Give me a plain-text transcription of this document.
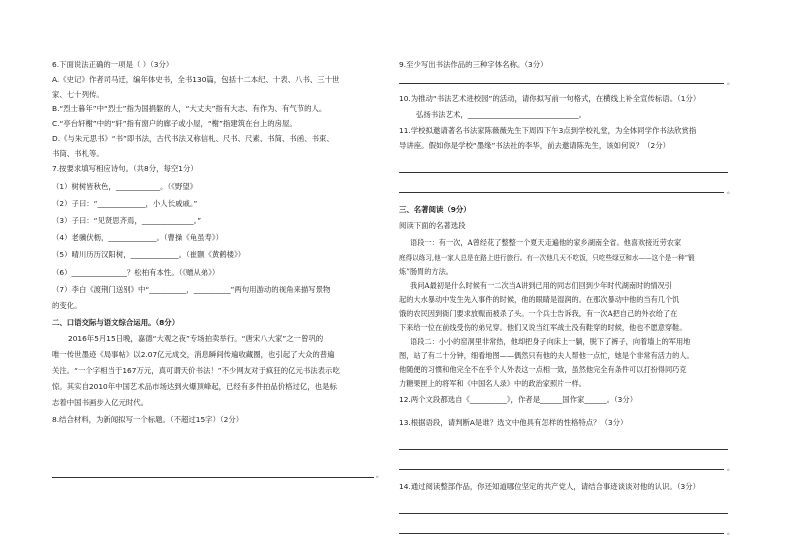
6.下面说法正确的一项是（ ）（3分）
A.《史记》作者司马迁，编年体史书，全书130篇，包括十二本纪、十表、八书、三十世
家、七十列传。
B.“烈士暮年”中“烈士”指为国捐躯的人，“大丈夫”指有大志、有作为、有气节的人。
C.“亭台轩榭”中的“轩”指有窗户的廊子或小屋，“榭”指建筑在台上的房屋。
D.《与朱元思书》“书”即书法，古代书法又称信札、尺书、尺素、书简、书函、书束、
书筒、书札等。
7.按要求填写相应诗句。（共8分，每空1分）
（1）树树皆秋色，____________。（《野望》
（2）子曰：“_____________，小人长戚戚。”
（3）子曰：“见贤思齐焉，______________。”
（4）老骥伏枥，_____________。（曹操《龟虽寿》）
（5）晴川历历汉阳树，_____________。（崔颢《黄鹤楼》）
（6）_______________？松柏有本性。（《赠从弟》）
（7）李白《渡荆门送别》中“__________，__________”两句用游动的视角来描写景物
的变化。
二、口语交际与语文综合运用。（8分）
2016年5月15日晚，嘉德“大观之夜”专场拍卖举行。“唐宋八大家”之一曾巩的
唯一传世墨迹《局事帖》以2.07亿元成交，消息瞬间传遍收藏圈，也引起了大众的普遍
关注。“一个字相当于167万元，真可谓天价书法！”不少网友对于疯狂的亿元书法表示吃
惊。其实自2010年中国艺术品市场达到火爆顶峰起，已经有多件拍品价格过亿，也是标
志着中国书画步入亿元时代。
8.结合材料，为新闻拟写一个标题。（不超过15字）（2分）
。
9.至少写出书法作品的三种字体名称。（3分）
。
10.为推动“书法艺术进校园”的活动，请你拟写前一句格式，在横线上补全宣传标语。（1分）
弘扬书法艺术，______________________________。
11.学校拟邀请著名书法家陈薇薇先生下周四下午3点到学校礼堂，为全体同学作书法欣赏指
导讲座。假如你是学校“墨缘”书法社的李华，前去邀请陈先生，该如何说？（2分）
。
三、名著阅读（9分）
阅读下面的名著选段
语段一：有一次，A曾经花了整整一个夏天走遍他的家乡湖南全省。他喜欢接近劳农家
庭得以练习,他一家人总是在路上进行旅行。有一次他几天不吃饭，只吃些绿豆和水——这个是一种“锻
炼”肠胃的方法。
我问A最初是什么时候有一二次当A讲到已用的同志们回到少年时代湖南时的情况引
起的大水暴动中发生先入事件的时候，他的眼睛是湿润的。在那次暴动中他的当有几个饥
饿的农民因到衙门要求放赈而被杀了头。一个兵士告诉我，有一次A把自己的外衣给了在
下来给一位在前线受伤的弟兄穿。他们又说当红军战士没有鞋穿的时候，他也不愿意穿鞋。
语段二：小小的窑洞里非常热，他却把身子向床上一躺，脱下了裤子，向着墙上的军用地
图，站了有二十分钟，细看地图——偶然只有他的夫人帮他一点忙，她是个非常有活力的人。
他随便的习惯和他完全不在乎个人外表这一点相一致，虽然他完全有条件可以打扮得同巧克
力糖果匣上的将军和《中国名人录》中的政治家照片一样。
12.两个文段都选自《__________》，作者是______国作家______。（3分）
13.根据语段，请判断A是谁？选文中他具有怎样的性格特点？（3分）
。
14.通过阅读整部作品，你还知道哪位坚定的共产党人，请结合事迹谈谈对他的认识。（3分）
。
